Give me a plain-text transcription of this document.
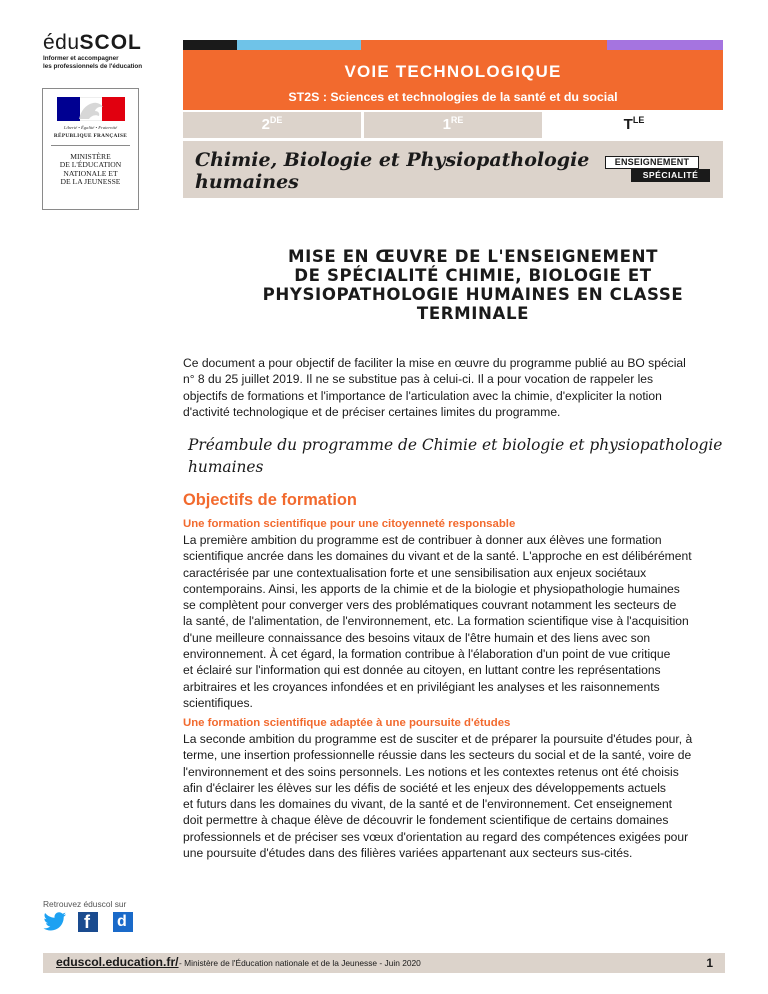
éduSCOL
Informer et accompagner
les professionnels de l'éducation
Liberté • Égalité • Fraternité
RÉPUBLIQUE FRANÇAISE
MINISTÈRE
DE L'ÉDUCATION
NATIONALE ET
DE LA JEUNESSE
VOIE TECHNOLOGIQUE
ST2S : Sciences et technologies de la santé et du social
2DE	1RE	$T^{LE}$
Chimie, Biologie et Physiopathologie humaines
ENSEIGNEMENT
SPÉCIALITÉ
MISE EN ŒUVRE DE L'ENSEIGNEMENT
DE SPÉCIALITÉ CHIMIE, BIOLOGIE ET
PHYSIOPATHOLOGIE HUMAINES EN CLASSE
TERMINALE
Ce document a pour objectif de faciliter la mise en œuvre du programme publié au BO spécial
n° 8 du 25 juillet 2019. Il ne se substitue pas à celui-ci. Il a pour vocation de rappeler les
objectifs de formations et l'importance de l'articulation avec la chimie, d'expliciter la notion
d'activité technologique et de préciser certaines limites du programme.
Préambule du programme de Chimie et biologie et physiopathologie
humaines
Objectifs de formation
Une formation scientifique pour une citoyenneté responsable
La première ambition du programme est de contribuer à donner aux élèves une formation
scientifique ancrée dans les domaines du vivant et de la santé. L'approche en est délibérément
caractérisée par une contextualisation forte et une sensibilisation aux enjeux sociétaux
contemporains. Ainsi, les apports de la chimie et de la biologie et physiopathologie humaines
se complètent pour converger vers des problématiques couvrant notamment les secteurs de
la santé, de l'alimentation, de l'environnement, etc. La formation scientifique vise à l'acquisition
d'une meilleure connaissance des besoins vitaux de l'être humain et des liens avec son
environnement. À cet égard, la formation contribue à l'élaboration d'un point de vue critique
et éclairé sur l'information qui est donnée au citoyen, en luttant contre les représentations
arbitraires et les croyances infondées et en privilégiant les analyses et les raisonnements
scientifiques.
Une formation scientifique adaptée à une poursuite d'études
La seconde ambition du programme est de susciter et de préparer la poursuite d'études pour, à
terme, une insertion professionnelle réussie dans les secteurs du social et de la santé, voire de
l'environnement et des soins personnels. Les notions et les contextes retenus ont été choisis
afin d'éclairer les élèves sur les défis de société et les enjeux des développements actuels
et futurs dans les domaines du vivant, de la santé et de l'environnement. Cet enseignement
doit permettre à chaque élève de découvrir le fondement scientifique de certains domaines
professionnels et de préciser ses vœux d'orientation au regard des compétences exigées pour
une poursuite d'études dans des filières variées appartenant aux secteurs sus-cités.
Retrouvez éduscol sur
f d
eduscol.education.fr/ - Ministère de l'Éducation nationale et de la Jeunesse - Juin 2020	1
